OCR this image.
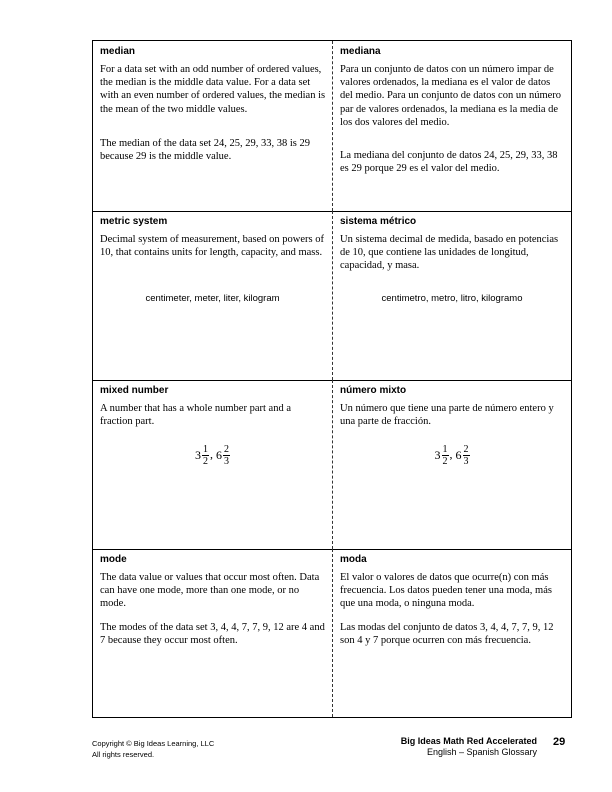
median
For a data set with an odd number of ordered values, the median is the middle data value. For a data set with an even number of ordered values, the median is the mean of the two middle values.
The median of the data set 24, 25, 29, 33, 38 is 29 because 29 is the middle value.
mediana
Para un conjunto de datos con un número impar de valores ordenados, la mediana es el valor de datos del medio. Para un conjunto de datos con un número par de valores ordenados, la mediana es la media de los dos valores del medio.
La mediana del conjunto de datos 24, 25, 29, 33, 38 es 29 porque 29 es el valor del medio.
metric system
Decimal system of measurement, based on powers of 10, that contains units for length, capacity, and mass.
centimeter, meter, liter, kilogram
sistema métrico
Un sistema decimal de medida, basado en potencias de 10, que contiene las unidades de longitud, capacidad, y masa.
centimetro, metro, litro, kilogramo
mixed number
A number that has a whole number part and a fraction part.
$3 \frac{1}{2}$ , $6 \frac{2}{3}$
número mixto
Un número que tiene una parte de número entero y una parte de fracción.
$3 \frac{1}{2}$ , $6 \frac{2}{3}$
mode
The data value or values that occur most often. Data can have one mode, more than one mode, or no mode.
The modes of the data set 3, 4, 4, 7, 7, 9, 12 are 4 and 7 because they occur most often.
moda
El valor o valores de datos que ocurre(n) con más frecuencia. Los datos pueden tener una moda, más que una moda, o ninguna moda.
Las modas del conjunto de datos 3, 4, 4, 7, 7, 9, 12 son 4 y 7 porque ocurren con más frecuencia.
Copyright © Big Ideas Learning, LLC
All rights reserved.
Big Ideas Math Red Accelerated
English – Spanish Glossary
29
